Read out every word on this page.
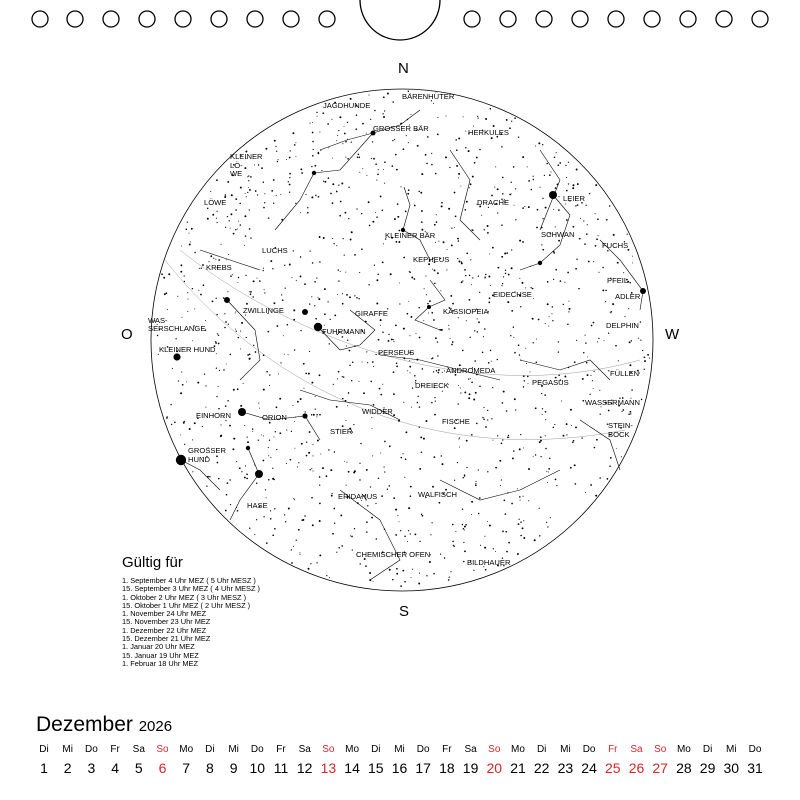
JAGDHUNDE
BÄRENHÜTER
GROSSER BÄR	HERKULES
KLEINER
LÖ-
WE
LEIER
LÖWE	DRACHE
SCHWAN
KLEINER BÄR
FUCHS
LUCHS
KEPHEUS
PFEIL
KREBS
ADLER
EIDECHSE
ZWILLINGE	GIRAFFE	KASSIOPEIA
DELPHIN
WAS-
SERSCHLANGE	FUHRMANN
PERSEUS
KLEINER HUND
ANDROMEDA	FÜLLEN
DREIECK	PEGASUS
WASSERMANN
EINHORN	ORION
WIDDER
FISCHE	STEIN-
BOCK
STIER
GROSSER
HUND
ERIDANUS	WALFISCH
HASE
CHEMISCHER OFEN
BILDHAUER
N
S
O	W
Gültig für
1. September 4 Uhr MEZ ( 5 Uhr MESZ )
15. September 3 Uhr MEZ ( 4 Uhr MESZ )
1. Oktober 2 Uhr MEZ ( 3 Uhr MESZ )
15. Oktober 1 Uhr MEZ ( 2 Uhr MESZ )
1. November 24 Uhr MEZ
15. November 23 Uhr MEZ
1. Dezember 22 Uhr MEZ
15. Dezember 21 Uhr MEZ
1. Januar 20 Uhr MEZ
15. Januar 19 Uhr MEZ
1. Februar 18 Uhr MEZ
Dezember 2026
Di
1
Mi
2
Do
3
Fr
4
Sa
5
So
6
Mo
7
Di
8
Mi
9
Do
10
Fr
11
Sa
12
So
13
Mo
14
Di
15
Mi
16
Do
17
Fr
18
Sa
19
So
20
Mo
21
Di
22
Mi
23
Do
24
Fr
25
Sa
26
So
27
Mo
28
Di
29
Mi
30
Do
31
